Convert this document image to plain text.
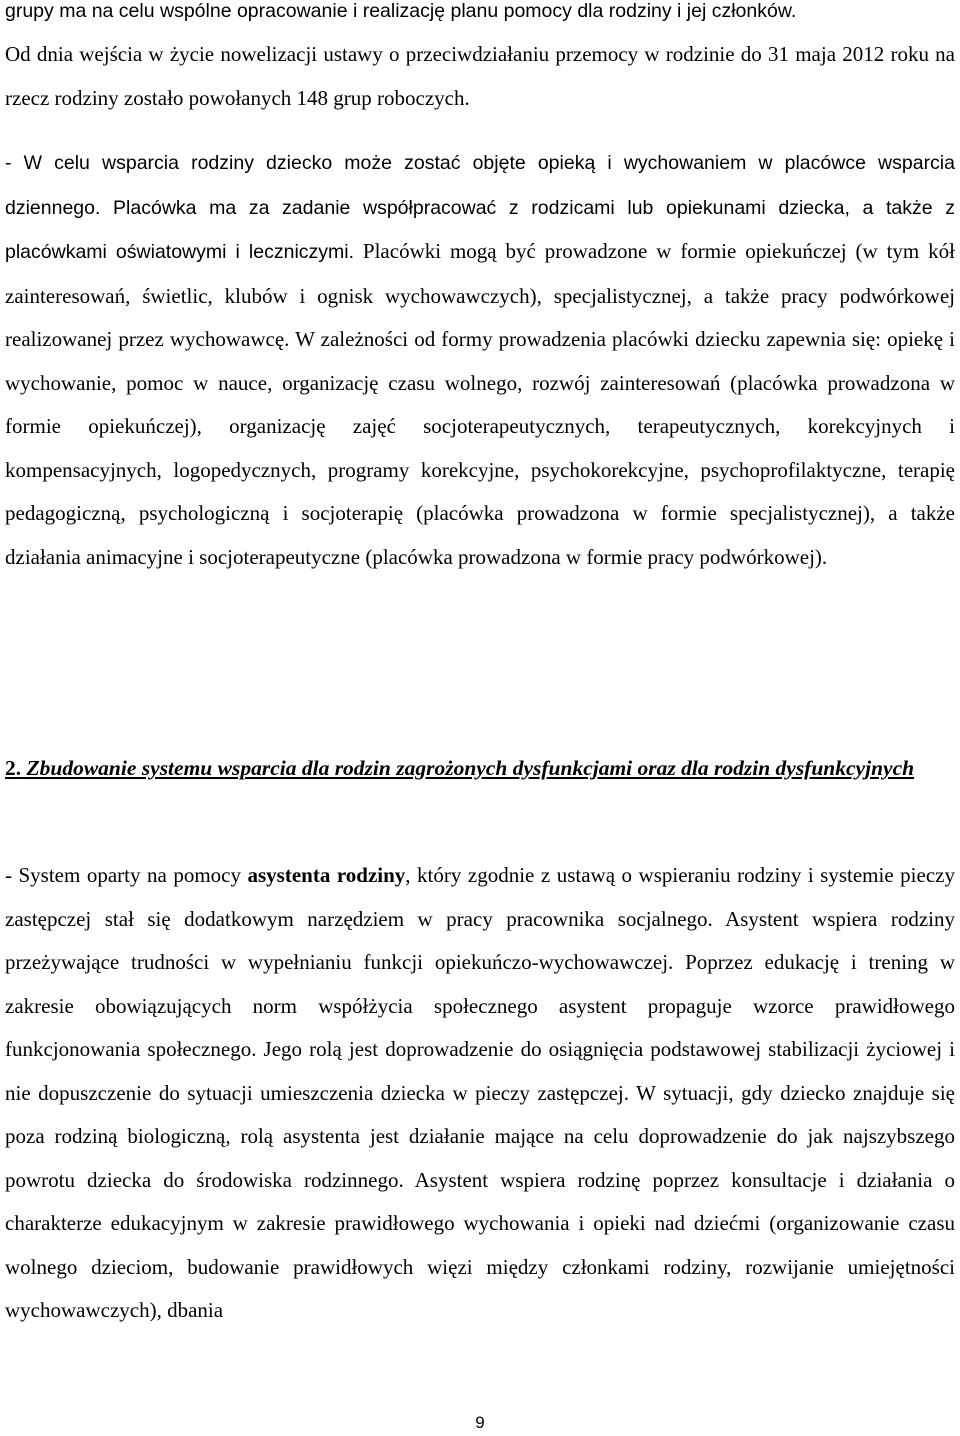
grupy ma na celu wspólne opracowanie i realizację planu pomocy dla rodziny i jej członków.

Od dnia wejścia w życie nowelizacji ustawy o przeciwdziałaniu przemocy w rodzinie do 31 maja 2012 roku na rzecz rodziny zostało powołanych 148 grup roboczych.

- W celu wsparcia rodziny dziecko może zostać objęte opieką i wychowaniem w placówce wsparcia dziennego. Placówka ma za zadanie współpracować z rodzicami lub opiekunami dziecka, a także z placówkami oświatowymi i leczniczymi. Placówki mogą być prowadzone w formie opiekuńczej (w tym kół zainteresowań, świetlic, klubów i ognisk wychowawczych), specjalistycznej, a także pracy podwórkowej realizowanej przez wychowawcę. W zależności od formy prowadzenia placówki dziecku zapewnia się: opiekę i wychowanie, pomoc w nauce, organizację czasu wolnego, rozwój zainteresowań (placówka prowadzona w formie opiekuńczej), organizację zajęć socjoterapeutycznych, terapeutycznych, korekcyjnych i kompensacyjnych, logopedycznych, programy korekcyjne, psychokorekcyjne, psychoprofilaktyczne, terapię pedagogiczną, psychologiczną i socjoterapię (placówka prowadzona w formie specjalistycznej), a także działania animacyjne i socjoterapeutyczne (placówka prowadzona w formie pracy podwórkowej).

2. Zbudowanie systemu wsparcia dla rodzin zagrożonych dysfunkcjami oraz dla rodzin dysfunkcyjnych

- System oparty na pomocy asystenta rodziny, który zgodnie z ustawą o wspieraniu rodziny i systemie pieczy zastępczej stał się dodatkowym narzędziem w pracy pracownika socjalnego. Asystent wspiera rodziny przeżywające trudności w wypełnianiu funkcji opiekuńczo-wychowawczej. Poprzez edukację i trening w zakresie obowiązujących norm współżycia społecznego asystent propaguje wzorce prawidłowego funkcjonowania społecznego. Jego rolą jest doprowadzenie do osiągnięcia podstawowej stabilizacji życiowej i nie dopuszczenie do sytuacji umieszczenia dziecka w pieczy zastępczej. W sytuacji, gdy dziecko znajduje się poza rodziną biologiczną, rolą asystenta jest działanie mające na celu doprowadzenie do jak najszybszego powrotu dziecka do środowiska rodzinnego. Asystent wspiera rodzinę poprzez konsultacje i działania o charakterze edukacyjnym w zakresie prawidłowego wychowania i opieki nad dziećmi (organizowanie czasu wolnego dzieciom, budowanie prawidłowych więzi między członkami rodziny, rozwijanie umiejętności wychowawczych), dbania

9
